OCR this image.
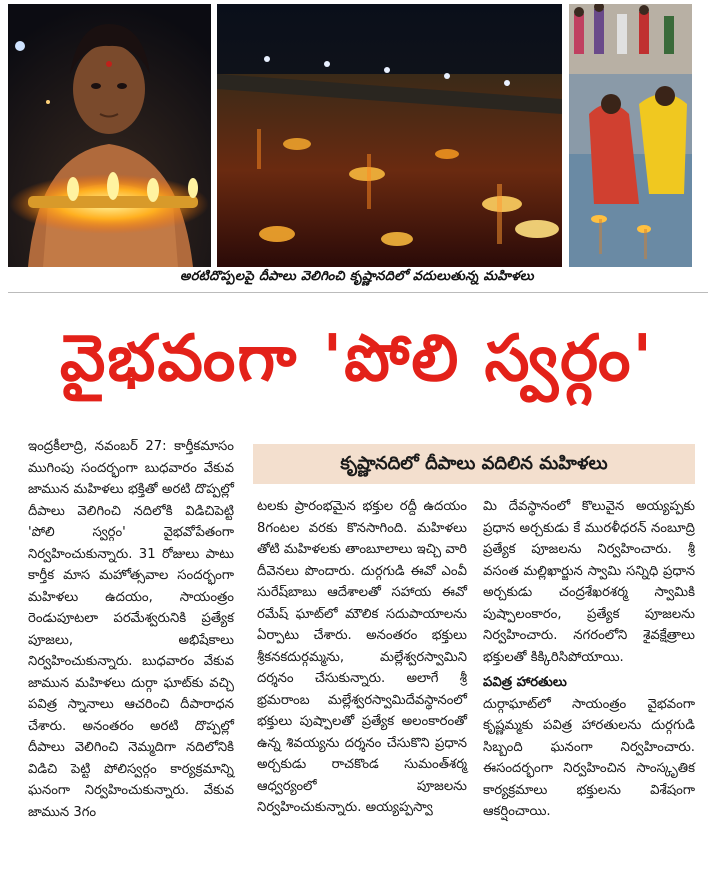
అరటిదొప్పలపై దీపాలు వెలిగించి కృష్ణానదిలో వదులుతున్న మహిళలు
వైభవంగా 'పోలి స్వర్గం'
కృష్ణానదిలో దీపాలు వదిలిన మహిళలు

ఇంద్రకీలాద్రి, నవంబర్ 27: కార్తీకమాసం ముగింపు సందర్భంగా బుధవారం వేకువ జామున మహిళలు భక్తితో అరటి దొప్పల్లో దీపాలు వెలిగించి నదిలోకి విడిచిపెట్టి 'పోలి స్వర్గం' వైభవోపేతంగా నిర్వహించుకున్నారు. 31 రోజులు పాటు కార్తీక మాస మహోత్సవాల సందర్భంగా మహిళలు ఉదయం, సాయంత్రం రెండుపూటలా పరమేశ్వరునికి ప్రత్యేక పూజలు, అభిషేకాలు నిర్వహించుకున్నారు. బుధవారం వేకువ జామున మహిళలు దుర్గా ఘాట్‌కు వచ్చి పవిత్ర స్నానాలు ఆచరించి దీపారాధన చేశారు. అనంతరం అరటి దొప్పల్లో దీపాలు వెలిగించి నెమ్మదిగా నదిలోనికి విడిచి పెట్టి పోలిస్వర్గం కార్యక్రమాన్ని ఘనంగా నిర్వహించుకున్నారు. వేకువ జామున 3గం

టలకు ప్రారంభమైన భక్తుల రద్దీ ఉదయం 8గంటల వరకు కొనసాగింది. మహిళలు తోటి మహిళలకు తాంబూలాలు ఇచ్చి వారి దీవెనలు పొందారు. దుర్గగుడి ఈవో ఎంవీ సురేష్‌బాబు ఆదేశాలతో సహాయ ఈవో రమేష్ ఘాట్‌లో మౌలిక సదుపాయాలను ఏర్పాటు చేశారు. అనంతరం భక్తులు శ్రీకనకదుర్గమ్మను, మల్లేశ్వరస్వామిని దర్శనం చేసుకున్నారు. అలాగే శ్రీ భ్రమరాంబ మల్లేశ్వరస్వామిదేవస్థానంలో భక్తులు పుష్పాలతో ప్రత్యేక అలంకారంతో ఉన్న శివయ్యను దర్శనం చేసుకొని ప్రధాన అర్చకుడు రాచకొండ సుమంత్‌శర్మ ఆధ్వర్యంలో పూజలను నిర్వహించుకున్నారు. అయ్యప్పస్వా

మి దేవస్థానంలో కొలువైన అయ్యప్పకు ప్రధాన అర్చకుడు కే మురళీధరన్ నంబూద్రి ప్రత్యేక పూజలను నిర్వహించారు. శ్రీ వసంత మల్లిఖార్జున స్వామి సన్నిధి ప్రధాన అర్చకుడు చంద్రశేఖరశర్మ స్వామికి పుష్పాలంకారం, ప్రత్యేక పూజలను నిర్వహించారు. నగరంలోని శైవక్షేత్రాలు భక్తులతో కిక్కిరిసిపోయాయి.

పవిత్ర హారతులు

దుర్గాఘాట్‌లో సాయంత్రం వైభవంగా కృష్ణమ్మకు పవిత్ర హారతులను దుర్గగుడి సిబ్బంది ఘనంగా నిర్వహించారు. ఈసందర్భంగా నిర్వహించిన సాంస్కృతిక కార్యక్రమాలు భక్తులను విశేషంగా ఆకర్షించాయి.
